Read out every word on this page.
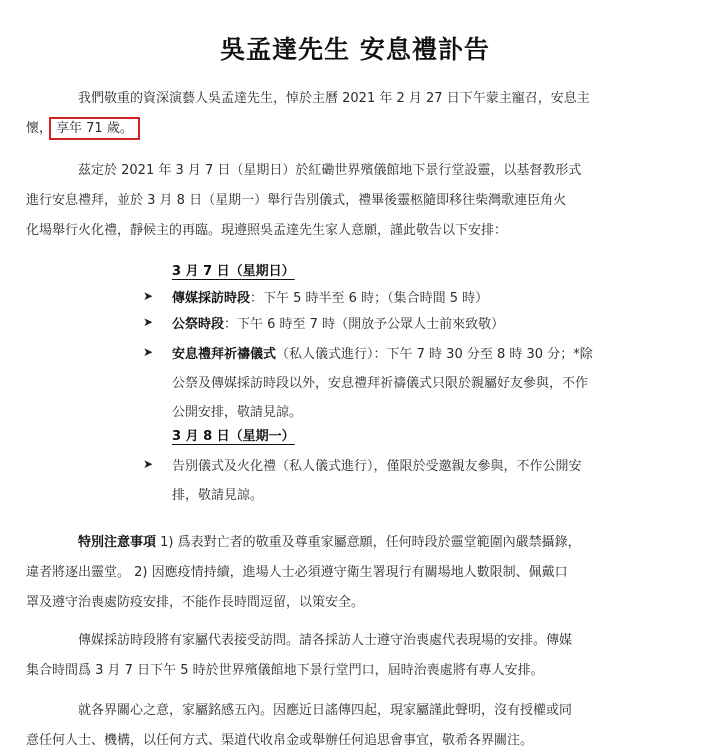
吳孟達先生 安息禮訃告
我們敬重的資深演藝人吳孟達先生，悼於主曆 2021 年 2 月 27 日下午蒙主寵召，安息主
懷， 享年 71 歲。
茲定於 2021 年 3 月 7 日（星期日）於紅磡世界殯儀館地下景行堂設靈，以基督教形式
進行安息禮拜，並於 3 月 8 日（星期一）舉行告別儀式，禮畢後靈柩隨即移往柴灣歌連臣角火
化場舉行火化禮，靜候主的再臨。現遵照吳孟達先生家人意願，謹此敬告以下安排：
3 月 7 日（星期日）
➤ 傳媒採訪時段：下午 5 時半至 6 時；（集合時間 5 時）
➤ 公祭時段：下午 6 時至 7 時（開放予公眾人士前來致敬）
➤ 安息禮拜祈禱儀式（私人儀式進行）：下午 7 時 30 分至 8 時 30 分；*除
公祭及傳媒採訪時段以外，安息禮拜祈禱儀式只限於親屬好友參與，不作
公開安排，敬請見諒。
3 月 8 日（星期一）
➤ 告別儀式及火化禮（私人儀式進行），僅限於受邀親友參與，不作公開安
排，敬請見諒。
特別注意事項 1) 爲表對亡者的敬重及尊重家屬意願，任何時段於靈堂範圍內嚴禁攝錄，
違者將逐出靈堂。 2) 因應疫情持續，進場人士必須遵守衛生署現行有關場地人數限制、佩戴口
罩及遵守治喪處防疫安排，不能作長時間逗留，以策安全。
傳媒採訪時段將有家屬代表接受訪問。請各採訪人士遵守治喪處代表現場的安排。傳媒
集合時間爲 3 月 7 日下午 5 時於世界殯儀館地下景行堂門口，屆時治喪處將有專人安排。
就各界關心之意，家屬銘感五內。因應近日謠傳四起，現家屬謹此聲明，沒有授權或同
意任何人士、機構，以任何方式、渠道代收帛金或舉辦任何追思會事宜，敬希各界關注。
